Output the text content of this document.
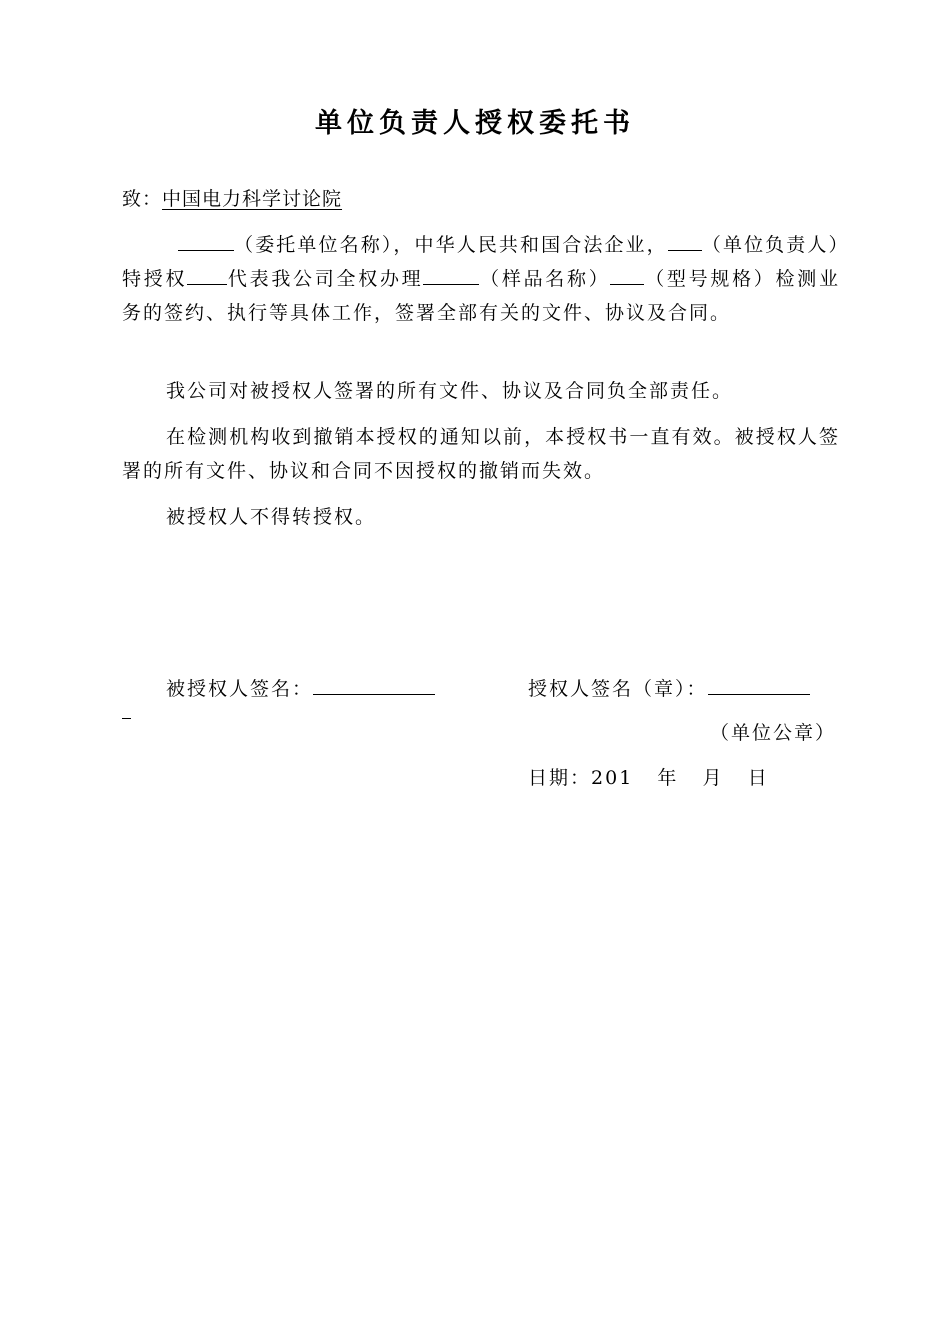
单位负责人授权委托书
致：中国电力科学讨论院
（委托单位名称），中华人民共和国合法企业， （单位负责人）特授权 代表我公司全权办理	（样品名称） （型号规格）检测业务的签约、执行等具体工作，签署全部有关的文件、协议及合同。
我公司对被授权人签署的所有文件、协议及合同负全部责任。
在检测机构收到撤销本授权的通知以前，本授权书一直有效。被授权人签署的所有文件、协议和合同不因授权的撤销而失效。
被授权人不得转授权。
被授权人签名：	授权人签名（章）：
（单位公章）
日期：201 年 月 日
